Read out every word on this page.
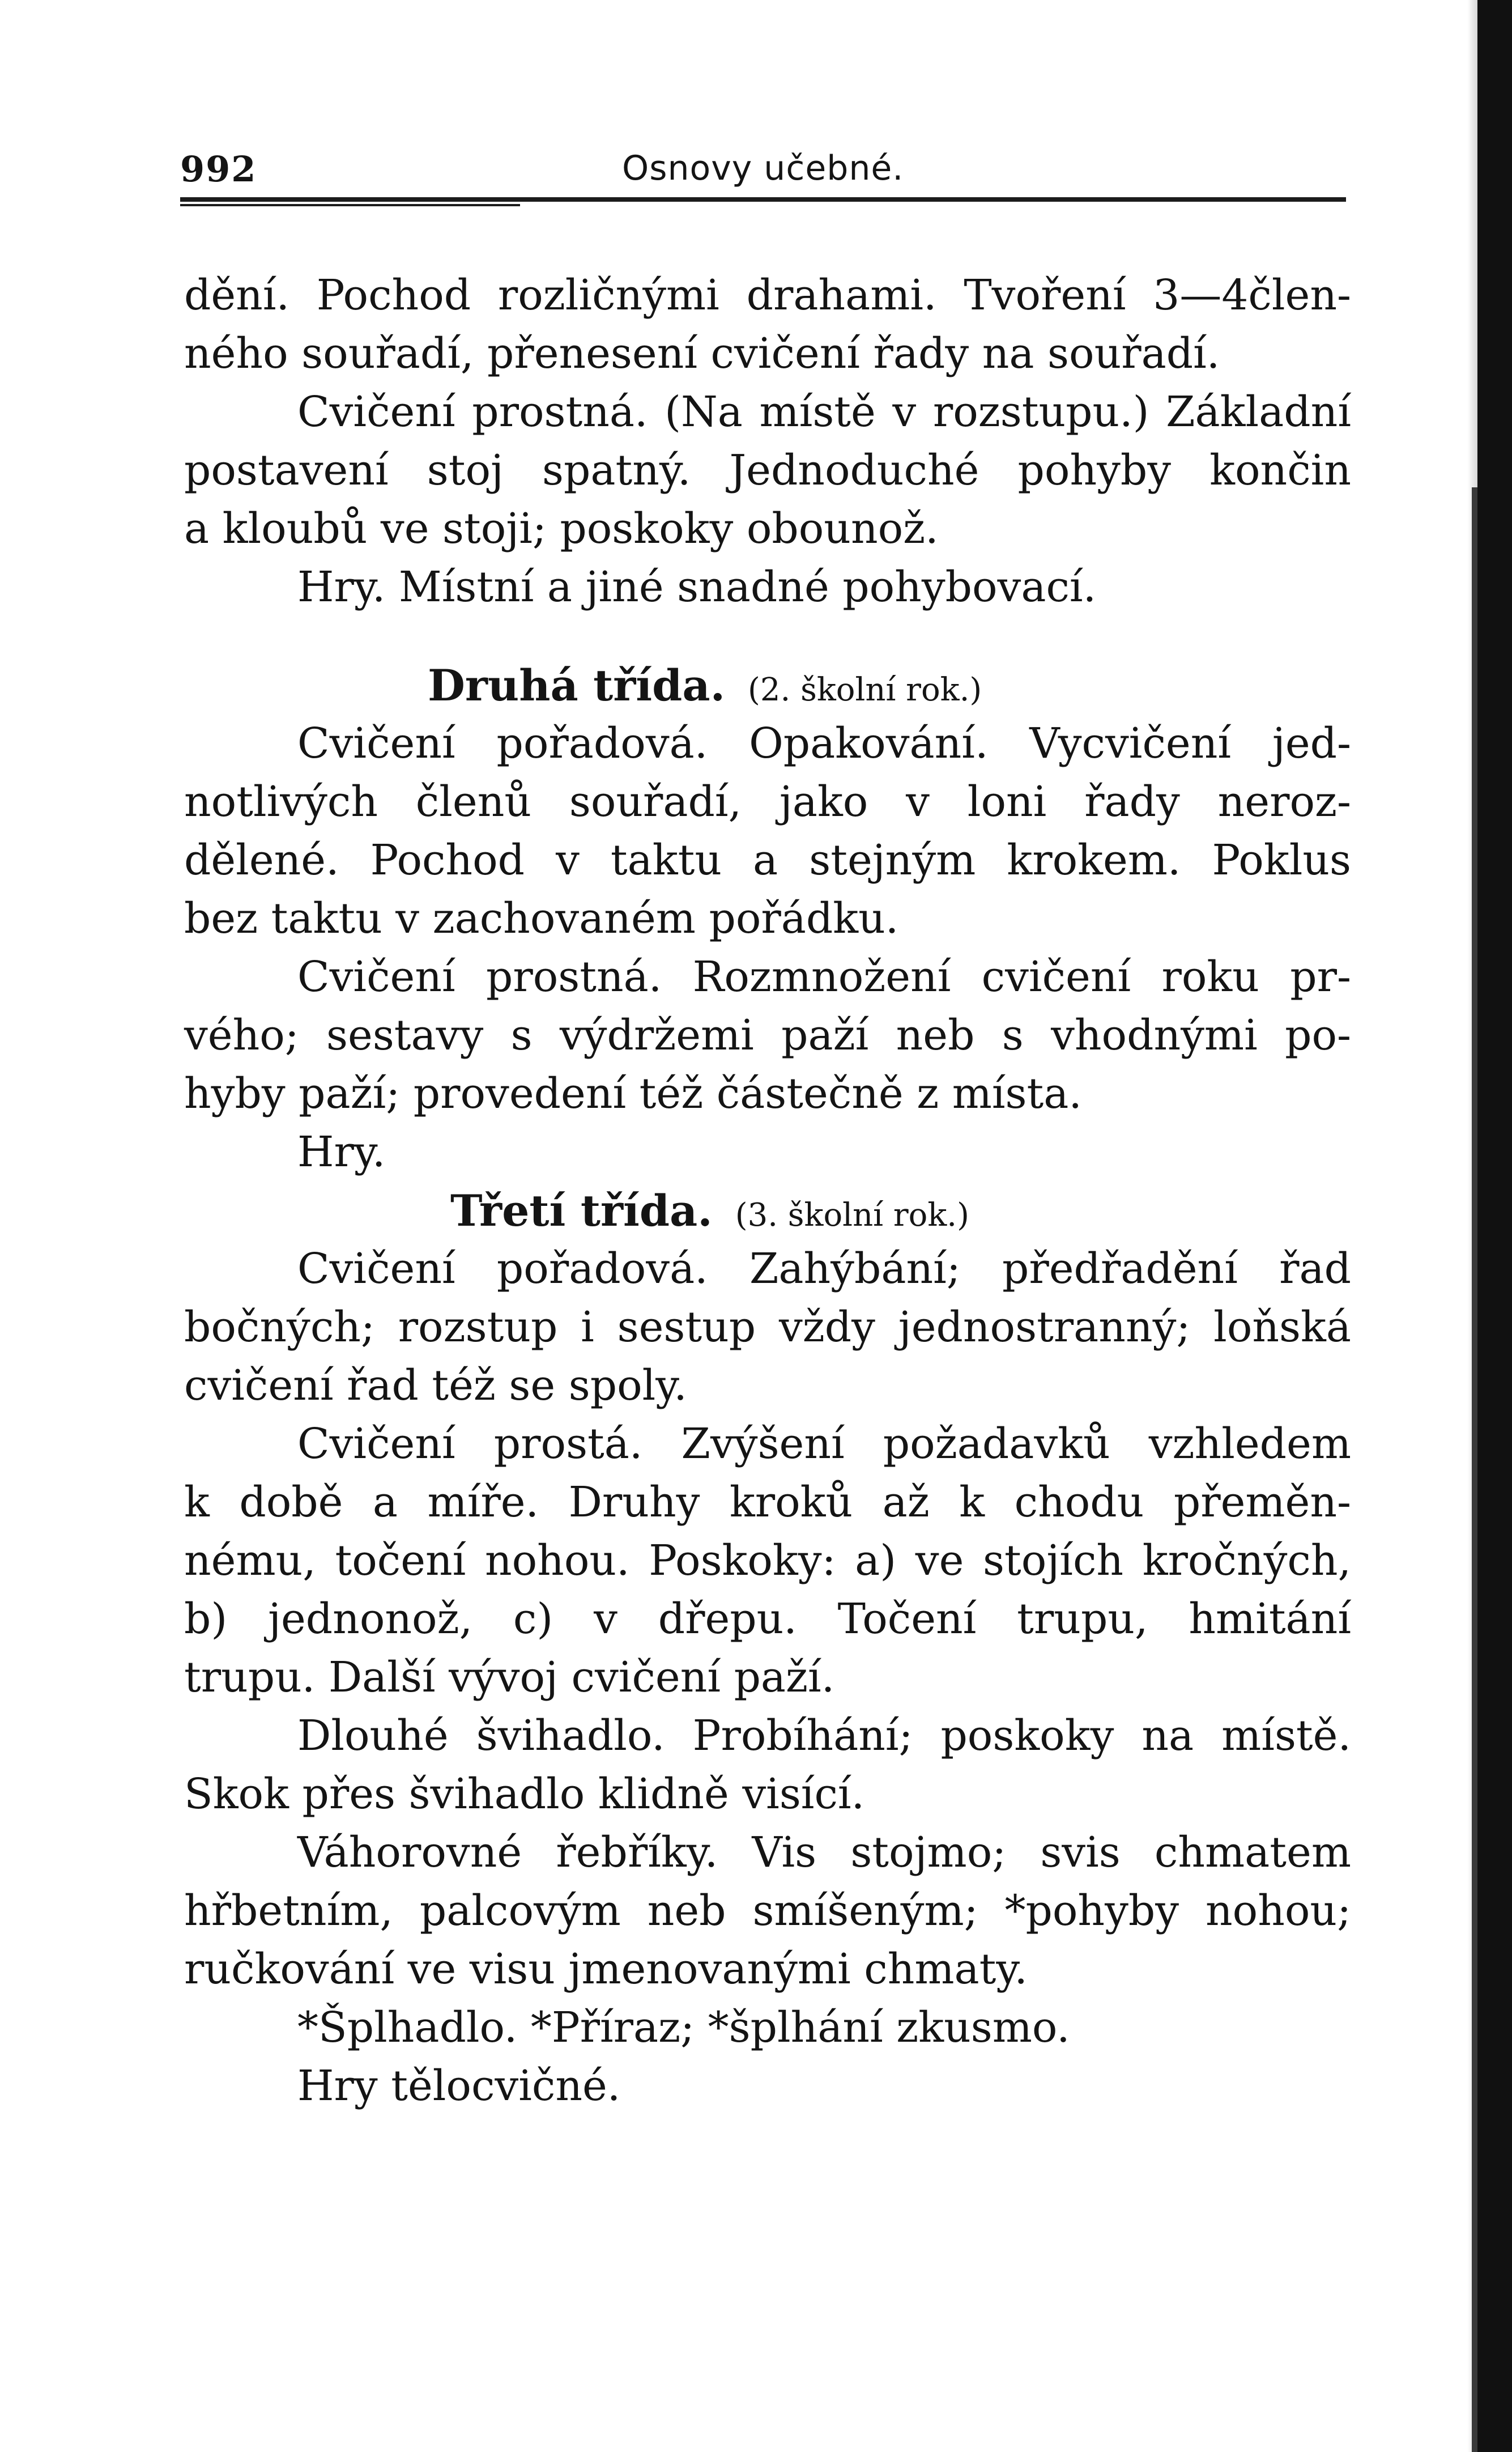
992	Osnovy učebné.
dění. Pochod rozličnými drahami. Tvoření 3—4člen-
ného souřadí, přenesení cvičení řady na souřadí.
Cvičení prostná. (Na místě v rozstupu.) Základní
postavení stoj spatný. Jednoduché pohyby končin
a kloubů ve stoji; poskoky obounož.
Hry. Místní a jiné snadné pohybovací.
Druhá třída. (2. školní rok.)
Cvičení pořadová. Opakování. Vycvičení jed-
notlivých členů souřadí, jako v loni řady neroz-
dělené. Pochod v taktu a stejným krokem. Poklus
bez taktu v zachovaném pořádku.
Cvičení prostná. Rozmnožení cvičení roku pr-
vého; sestavy s výdržemi paží neb s vhodnými po-
hyby paží; provedení též částečně z místa.
Hry.
Třetí třída. (3. školní rok.)
Cvičení pořadová. Zahýbání; předřadění řad
bočných; rozstup i sestup vždy jednostranný; loňská
cvičení řad též se spoly.
Cvičení prostá. Zvýšení požadavků vzhledem
k době a míře. Druhy kroků až k chodu přeměn-
nému, točení nohou. Poskoky: a) ve stojích kročných,
b) jednonož, c) v dřepu. Točení trupu, hmitání
trupu. Další vývoj cvičení paží.
Dlouhé švihadlo. Probíhání; poskoky na místě.
Skok přes švihadlo klidně visící.
Váhorovné řebříky. Vis stojmo; svis chmatem
hřbetním, palcovým neb smíšeným; *pohyby nohou;
ručkování ve visu jmenovanými chmaty.
*Šplhadlo. *Příraz; *šplhání zkusmo.
Hry tělocvičné.
